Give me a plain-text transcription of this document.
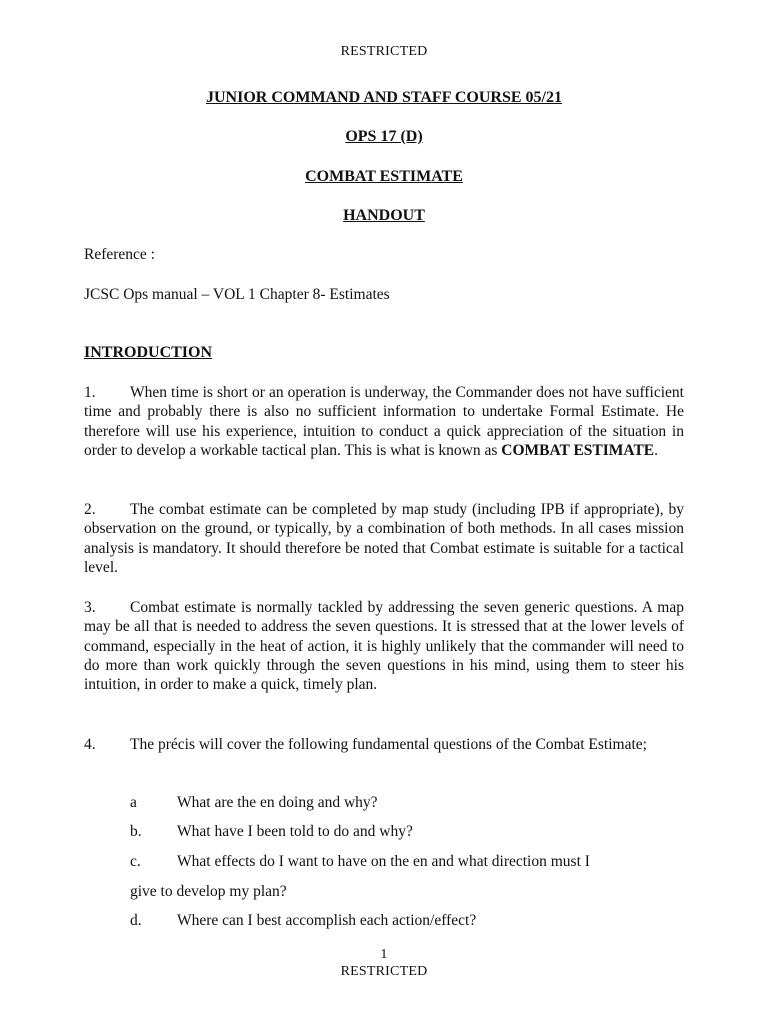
RESTRICTED
JUNIOR COMMAND AND STAFF COURSE 05/21
OPS 17 (D)
COMBAT ESTIMATE
HANDOUT
Reference :
JCSC Ops manual – VOL 1 Chapter 8- Estimates
INTRODUCTION

1. When time is short or an operation is underway, the Commander does not have sufficient time and probably there is also no sufficient information to undertake Formal Estimate. He therefore will use his experience, intuition to conduct a quick appreciation of the situation in order to develop a workable tactical plan. This is what is known as COMBAT ESTIMATE.

2. The combat estimate can be completed by map study (including IPB if appropriate), by observation on the ground, or typically, by a combination of both methods. In all cases mission analysis is mandatory. It should therefore be noted that Combat estimate is suitable for a tactical level.

3. Combat estimate is normally tackled by addressing the seven generic questions. A map may be all that is needed to address the seven questions. It is stressed that at the lower levels of command, especially in the heat of action, it is highly unlikely that the commander will need to do more than work quickly through the seven questions in his mind, using them to steer his intuition, in order to make a quick, timely plan.

4. The précis will cover the following fundamental questions of the Combat Estimate;

a	What are the en doing and why?
b. What have I been told to do and why?
c. What effects do I want to have on the en and what direction must I
give to develop my plan?
d. Where can I best accomplish each action/effect?
1
RESTRICTED
